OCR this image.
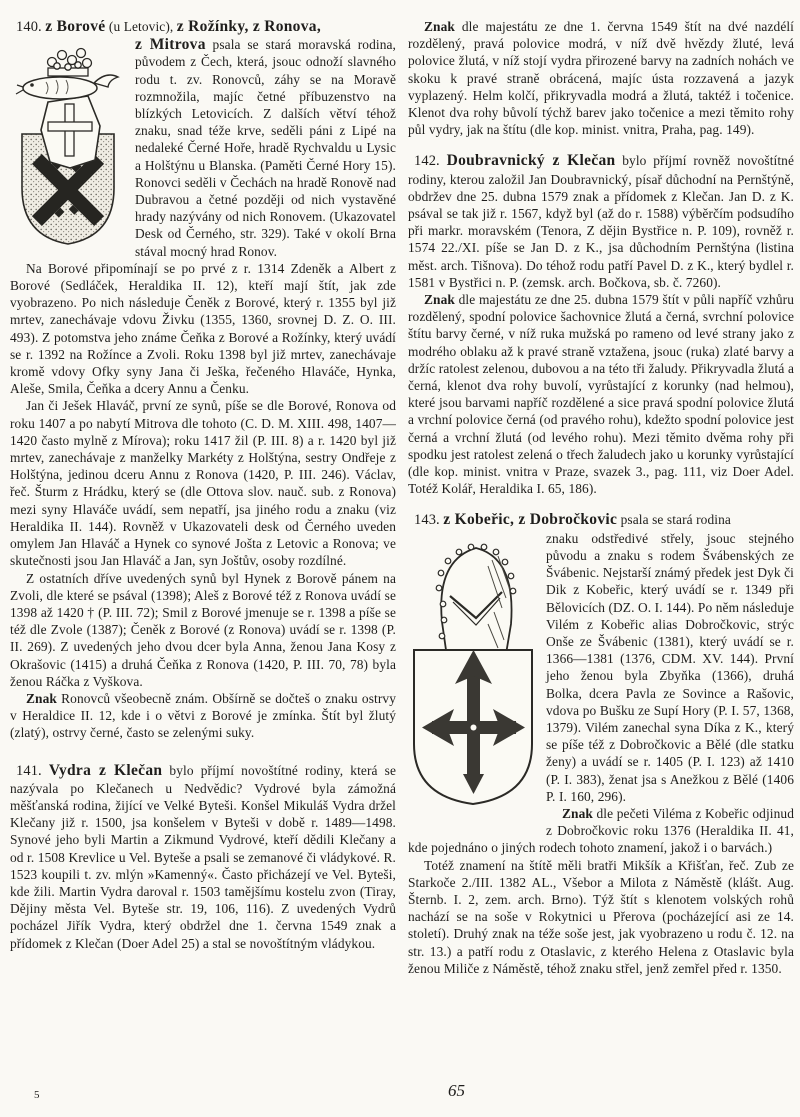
140. z Borové (u Letovic), z Rožínky, z Ronova,

z Mitrova psala se stará moravská rodina, původem z Čech, která, jsouc odnoží slavného rodu t. zv. Ronovců, záhy se na Moravě rozmnožila, majíc četné příbuzenstvo na blízkých Letovicích. Z dalších větví téhož znaku, snad téže krve, seděli páni z Lipé na nedaleké Černé Hoře, hradě Rychvaldu u Lysic a Holštýnu u Blanska. (Paměti Černé Hory 15). Ronovci seděli v Čechách na hradě Ronově nad Dubravou a četné později od nich vystavěné hrady nazývány od nich Ronovem. (Ukazovatel Desk od Černého, str. 329). Také v okolí Brna stával mocný hrad Ronov.

Na Borové připomínají se po prvé z r. 1314 Zdeněk a Albert z Borové (Sedláček, Heraldika II. 12), kteří mají štít, jak zde vyobrazeno. Po nich následuje Čeněk z Borové, který r. 1355 byl již mrtev, zanechávaje vdovu Živku (1355, 1360, srovnej D. Z. O. III. 493). Z potomstva jeho známe Čeňka z Borové a Rožínky, který uvádí se r. 1392 na Rožínce a Zvoli. Roku 1398 byl již mrtev, zanechávaje kromě vdovy Ofky syny Jana či Ješka, řečeného Hlaváče, Hynka, Aleše, Smila, Čeňka a dcery Annu a Čenku.

Jan či Ješek Hlaváč, první ze synů, píše se dle Borové, Ronova od roku 1407 a po nabytí Mitrova dle tohoto (C. D. M. XIII. 498, 1407—1420 často mylně z Mírova); roku 1417 žil (P. III. 8) a r. 1420 byl již mrtev, zanechávaje z manželky Markéty z Holštýna, sestry Ondřeje z Holštýna, jedinou dceru Annu z Ronova (1420, P. III. 246). Václav, řeč. Šturm z Hrádku, který se (dle Ottova slov. nauč. sub. z Ronova) mezi syny Hlaváče uvádí, sem nepatří, jsa jiného rodu a znaku (viz Heraldika II. 144). Rovněž v Ukazovateli desk od Černého uveden omylem Jan Hlaváč a Hynek co synové Jošta z Letovic a Ronova; ve skutečnosti jsou Jan Hlaváč a Jan, syn Joštův, osoby rozdílné.

Z ostatních dříve uvedených synů byl Hynek z Borově pánem na Zvoli, dle které se psával (1398); Aleš z Borové též z Ronova uvádí se 1398 až 1420 † (P. III. 72); Smil z Borové jmenuje se r. 1398 a píše se též dle Zvole (1387); Čeněk z Borové (z Ronova) uvádí se r. 1398 (P. II. 269). Z uvedených jeho dvou dcer byla Anna, ženou Jana Kosy z Okrašovic (1415) a druhá Čeňka z Ronova (1420, P. III. 70, 78) byla ženou Ráčka z Vyškova.

Znak Ronovců všeobecně znám. Obšírně se dočteš o znaku ostrvy v Heraldice II. 12, kde i o větvi z Borové je zmínka. Štít byl žlutý (zlatý), ostrvy černé, často se zelenými suky.

141. Vydra z Klečan bylo příjmí novoštítné rodiny, která se nazývala po Klečanech u Nedvědic? Vydrové byla zámožná měšťanská rodina, žijící ve Velké Byteši. Konšel Mikuláš Vydra držel Klečany již r. 1500, jsa konšelem v Byteši v době r. 1489—1498. Synové jeho byli Martin a Zikmund Vydrové, kteří dědili Klečany a od r. 1508 Krevlice u Vel. Byteše a psali se zemanové či vládykové. R. 1523 koupili t. zv. mlýn »Kamenný«. Často přicházejí ve Vel. Byteši, kde žili. Martin Vydra daroval r. 1503 tamějšímu kostelu zvon (Tiray, Dějiny města Vel. Byteše str. 19, 106, 116). Z uvedených Vydrů pocházel Jiřík Vydra, který obdržel dne 1. června 1549 znak a přídomek z Klečan (Doer Adel 25) a stal se novoštítným vládykou.

Znak dle majestátu ze dne 1. června 1549 štít na dvé nazdélí rozdělený, pravá polovice modrá, v níž dvě hvězdy žluté, levá polovice žlutá, v níž stojí vydra přirozené barvy na zadních nohách ve skoku k pravé straně obrácená, majíc ústa rozzavená a jazyk vyplazený. Helm kolčí, přikryvadla modrá a žlutá, taktéž i točenice. Klenot dva rohy bůvolí týchž barev jako točenice a mezi těmito rohy půl vydry, jak na štítu (dle kop. minist. vnitra, Praha, pag. 149).

142. Doubravnický z Klečan bylo příjmí rovněž novoštítné rodiny, kterou založil Jan Doubravnický, písař důchodní na Pernštýně, obdržev dne 25. dubna 1579 znak a přídomek z Klečan. Jan D. z K. psával se tak již r. 1567, když byl (až do r. 1588) výběrčím podsudího při markr. moravském (Tenora, Z dějin Bystřice n. P. 109), rovněž r. 1574 22./XI. píše se Jan D. z K., jsa důchodním Pernštýna (listina měst. arch. Tišnova). Do téhož rodu patří Pavel D. z K., který bydlel r. 1581 v Bystřici n. P. (zemsk. arch. Bočkova, sb. č. 7260).

Znak dle majestátu ze dne 25. dubna 1579 štít v půli napříč vzhůru rozdělený, spodní polovice šachovnice žlutá a černá, svrchní polovice štítu barvy černé, v níž ruka mužská po rameno od levé strany jako z modrého oblaku až k pravé straně vztažena, jsouc (ruka) zlaté barvy a držíc ratolest zelenou, dubovou a na této tři žaludy. Přikryvadla žlutá a černá, klenot dva rohy buvolí, vyrůstající z korunky (nad helmou), které jsou barvami napříč rozdělené a sice pravá spodní polovice žlutá a vrchní polovice černá (od pravého rohu), kdežto spodní polovice jest černá a vrchní žlutá (od levého rohu). Mezi těmito dvěma rohy při spodku jest ratolest zelená o třech žaludech jako u korunky vyrůstající (dle kop. minist. vnitra v Praze, svazek 3., pag. 111, viz Doer Adel. Totéž Kolář, Heraldika I. 65, 186).

143. z Kobeřic, z Dobročkovic psala se stará rodina

znaku odstředivé střely, jsouc stejného původu a znaku s rodem Švábenských ze Švábenic. Nejstarší známý předek jest Dyk či Dik z Kobeřic, který uvádí se r. 1349 při Bělovicích (DZ. O. I. 144). Po něm následuje Vilém z Kobeřic alias Dobročkovic, strýc Onše ze Švábenic (1381), který uvádí se r. 1366—1381 (1376, CDM. XV. 144). První jeho ženou byla Zbyňka (1366), druhá Bolka, dcera Pavla ze Sovince a Rašovic, vdova po Bušku ze Supí Hory (P. I. 57, 1368, 1379). Vilém zanechal syna Díka z K., který se píše též z Dobročkovic a Bělé (dle statku ženy) a uvádí se r. 1405 (P. I. 123) až 1410 (P. I. 383), ženat jsa s Anežkou z Bělé (1406 P. I. 160, 296).

Znak dle pečeti Viléma z Kobeřic odjinud z Dobročkovic roku 1376 (Heraldika II. 41, kde pojednáno o jiných rodech tohoto znamení, jakož i o barvách.)

Totéž znamení na štítě měli bratři Mikšík a Křišťan, řeč. Zub ze Starkoče 2./III. 1382 AL., Všebor a Milota z Náměstě (klášt. Aug. Šternb. I. 2, zem. arch. Brno). Týž štít s klenotem volských rohů nachází se na soše v Rokytnici u Přerova (pocházející asi ze 14. století). Druhý znak na téže soše jest, jak vyobrazeno u rodu č. 12. na str. 13.) a patří rodu z Otaslavic, z kterého Helena z Otaslavic byla ženou Miliče z Náměstě, téhož znaku střel, jenž zemřel před r. 1350.

5	65
